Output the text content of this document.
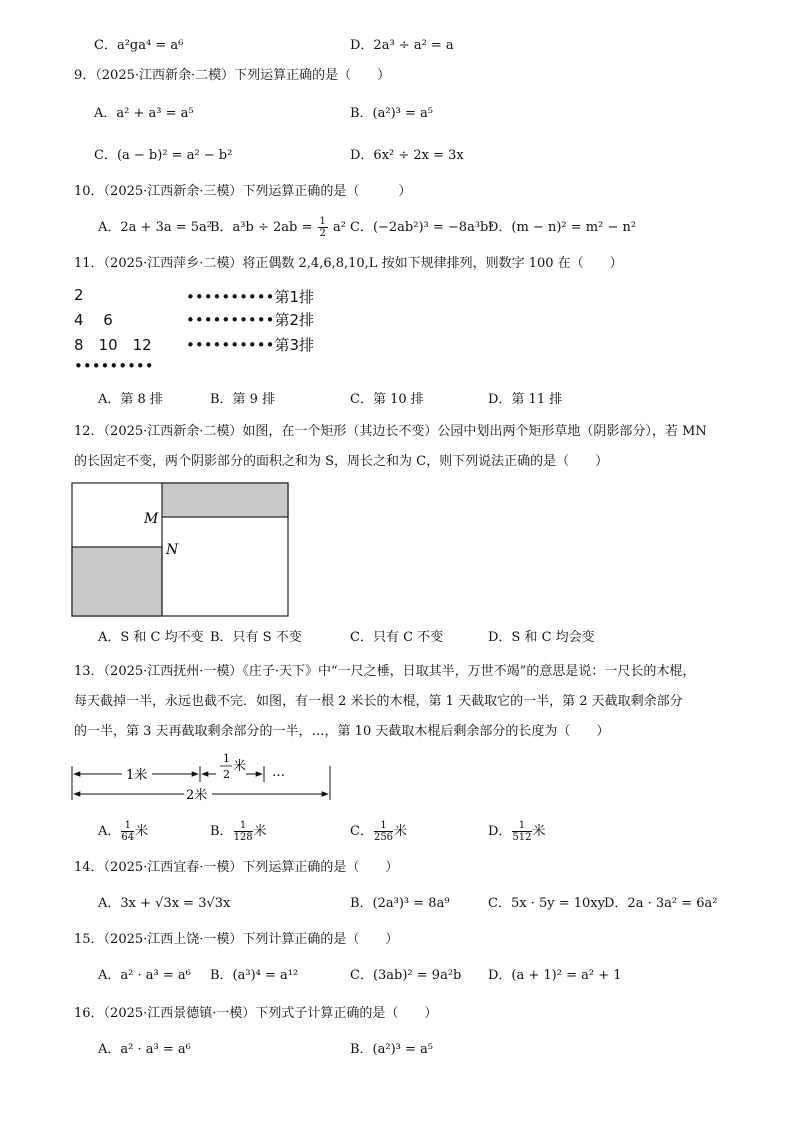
C．a²ga⁴ = a⁶	D．2a³ ÷ a² = a
9．（2025·江西新余·二模）下列运算正确的是（　　）
A．a² + a³ = a⁵	B．(a²)³ = a⁵
C．(a − b)² = a² − b²	D．6x² ÷ 2x = 3x
10．（2025·江西新余·三模）下列运算正确的是（　　　）
A．2a + 3a = 5a²
B．$a^3b \div 2ab = \frac{1}{2} a^2$ C．(−2ab²)³ = −8a³b⁵
D．(m − n)² = m² − n²
11．（2025·江西萍乡·二模）将正偶数 2,4,6,8,10,L 按如下规律排列，则数字 100 在（　　）
2	••••••••••第1排
4　 6	••••••••••第2排
8　10　12 ••••••••••第3排
•••••••••
A．第 8 排	B．第 9 排	C．第 10 排	D．第 11 排
12．（2025·江西新余·二模）如图，在一个矩形（其边长不变）公园中划出两个矩形草地（阴影部分），若 MN
的长固定不变，两个阴影部分的面积之和为 S，周长之和为 C，则下列说法正确的是（　　）
M
N
A．S 和 C 均不变 B．只有 S 不变	C．只有 C 不变	D．S 和 C 均会变
13．（2025·江西抚州·一模）《庄子·天下》中“一尺之棰，日取其半，万世不竭”的意思是说：一尺长的木棍，
每天截掉一半，永远也截不完．如图，有一根 2 米长的木棍，第 1 天截取它的一半，第 2 天截取剩余部分
的一半，第 3 天再截取剩余部分的一半，…，第 10 天截取木棍后剩余部分的长度为（　　）
1米
1
2
米 …
2米
A． $\frac{1}{64}$ 米	B． $\frac{1}{128}$ 米	C． $\frac{1}{256}$ 米	D． $\frac{1}{512}$ 米
14．（2025·江西宜春·一模）下列运算正确的是（　　）
A．3x + √3x = 3√3x	B．(2a³)³ = 8a⁹	C．5x · 5y = 10xy D．2a · 3a² = 6a²
15．（2025·江西上饶·一模）下列计算正确的是（　　）
A．a² · a³ = a⁶ B．(a³)⁴ = a¹²	C．(3ab)² = 9a²b D．(a + 1)² = a² + 1
16．（2025·江西景德镇·一模）下列式子计算正确的是（　　）
A．a² · a³ = a⁶	B．(a²)³ = a⁵
